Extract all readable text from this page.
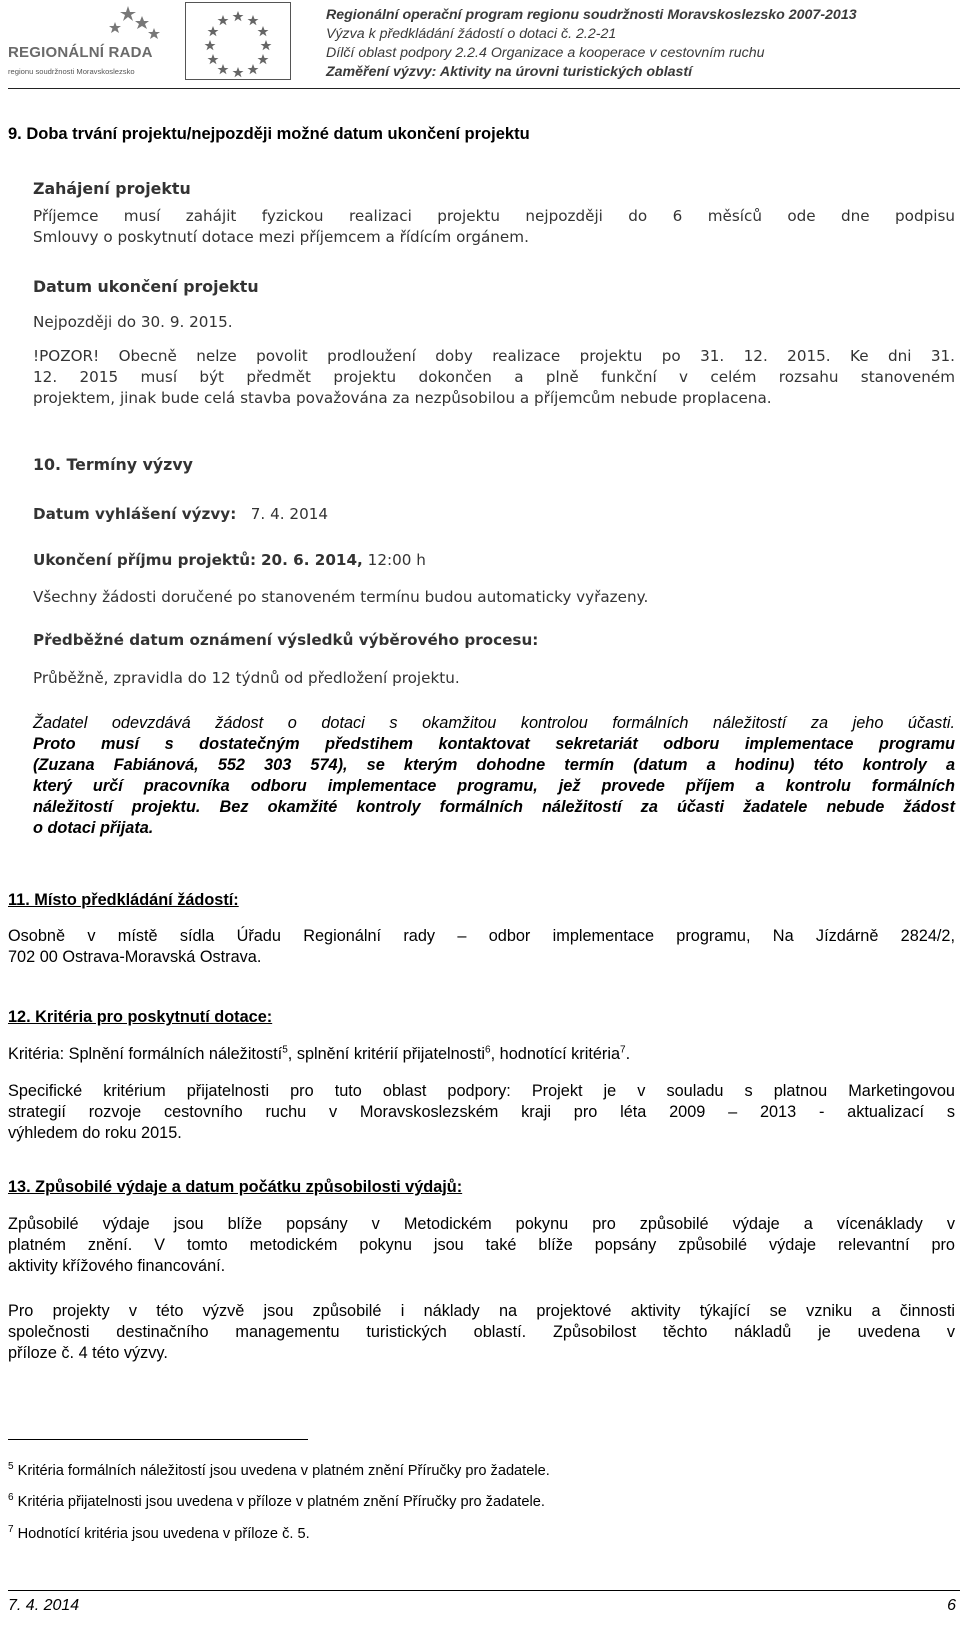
REGIONÁLNÍ RADA
regionu soudržnosti Moravskoslezsko
Regionální operační program regionu soudržnosti Moravskoslezsko 2007-2013
Výzva k předkládání žádostí o dotaci č. 2.2-21
Dílčí oblast podpory 2.2.4 Organizace a kooperace v cestovním ruchu
Zaměření výzvy: Aktivity na úrovni turistických oblastí
9. Doba trvání projektu/nejpozději možné datum ukončení projektu
Zahájení projektu
Příjemce musí zahájit fyzickou realizaci projektu nejpozději do 6 měsíců ode dne podpisu
Smlouvy o poskytnutí dotace mezi příjemcem a řídícím orgánem.
Datum ukončení projektu
Nejpozději do 30. 9. 2015.
!POZOR! Obecně nelze povolit prodloužení doby realizace projektu po 31. 12. 2015. Ke dni 31.
12. 2015 musí být předmět projektu dokončen a plně funkční v celém rozsahu stanoveném
projektem, jinak bude celá stavba považována za nezpůsobilou a příjemcům nebude proplacena.
10. Termíny výzvy
Datum vyhlášení výzvy: 7. 4. 2014
Ukončení příjmu projektů: 20. 6. 2014, 12:00 h
Všechny žádosti doručené po stanoveném termínu budou automaticky vyřazeny.
Předběžné datum oznámení výsledků výběrového procesu:
Průběžně, zpravidla do 12 týdnů od předložení projektu.
Žadatel odevzdává žádost o dotaci s okamžitou kontrolou formálních náležitostí za jeho účasti.
Proto musí s dostatečným předstihem kontaktovat sekretariát odboru implementace programu
(Zuzana Fabiánová, 552 303 574), se kterým dohodne termín (datum a hodinu) této kontroly a
který určí pracovníka odboru implementace programu, jež provede příjem a kontrolu formálních
náležitostí projektu. Bez okamžité kontroly formálních náležitostí za účasti žadatele nebude žádost
o dotaci přijata.
11. Místo předkládání žádostí:
Osobně v místě sídla Úřadu Regionální rady – odbor implementace programu, Na Jízdárně 2824/2,
702 00 Ostrava-Moravská Ostrava.
12. Kritéria pro poskytnutí dotace:
Kritéria: Splnění formálních náležitostí$^5$, splnění kritérií přijatelnosti$^6$, hodnotící kritéria$^7$.
Specifické kritérium přijatelnosti pro tuto oblast podpory: Projekt je v souladu s platnou Marketingovou
strategií rozvoje cestovního ruchu v Moravskoslezském kraji pro léta 2009 – 2013 - aktualizací s
výhledem do roku 2015.
13. Způsobilé výdaje a datum počátku způsobilosti výdajů:
Způsobilé výdaje jsou blíže popsány v Metodickém pokynu pro způsobilé výdaje a vícenáklady v
platném znění. V tomto metodickém pokynu jsou také blíže popsány způsobilé výdaje relevantní pro
aktivity křížového financování.
Pro projekty v této výzvě jsou způsobilé i náklady na projektové aktivity týkající se vzniku a činnosti
společnosti destinačního managementu turistických oblastí. Způsobilost těchto nákladů je uvedena v
příloze č. 4 této výzvy.
$^5$ Kritéria formálních náležitostí jsou uvedena v platném znění Příručky pro žadatele.
$^6$ Kritéria přijatelnosti jsou uvedena v příloze v platném znění Příručky pro žadatele.
$^7$ Hodnotící kritéria jsou uvedena v příloze č. 5.
7. 4. 2014	6
